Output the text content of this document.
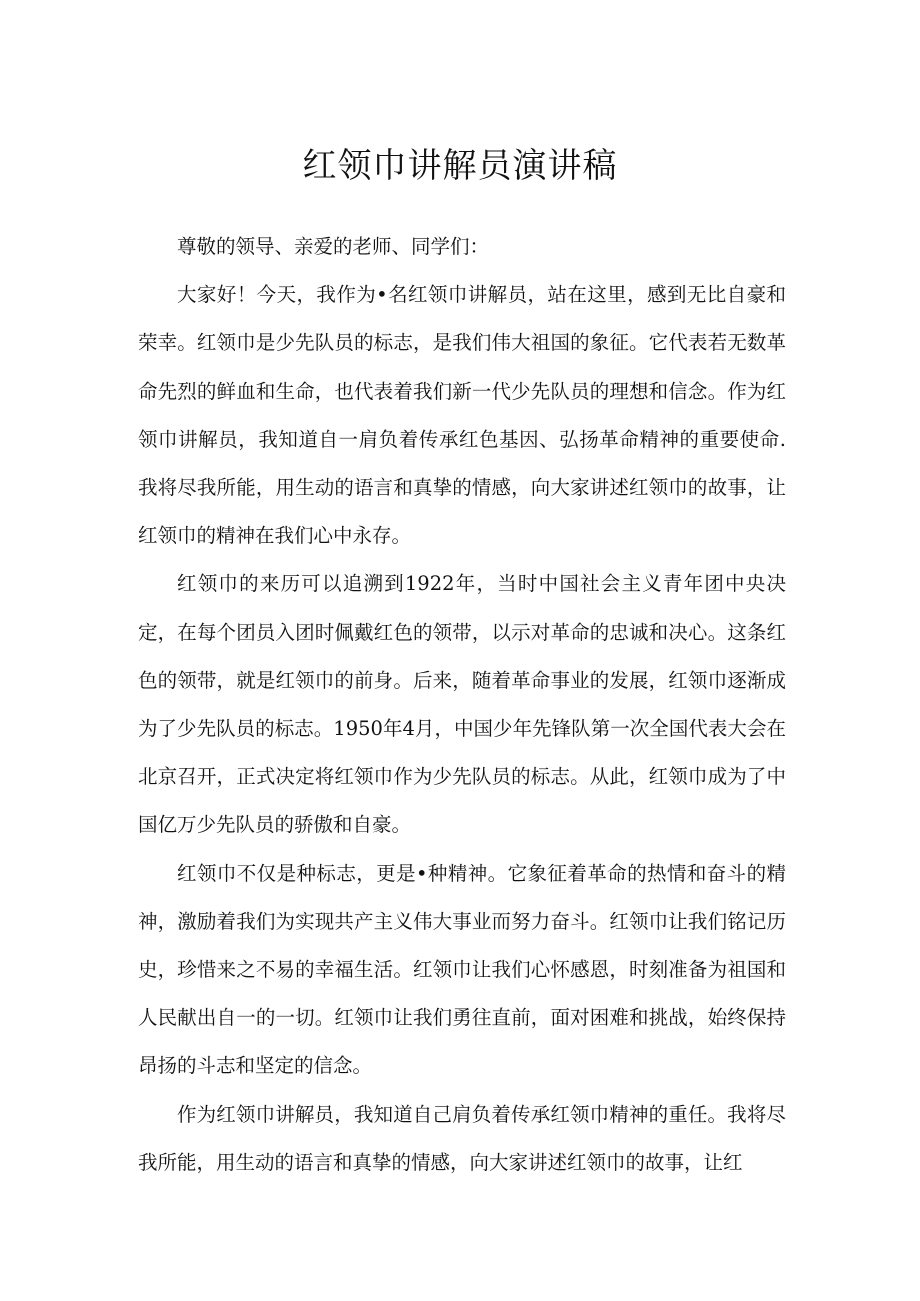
红领巾讲解员演讲稿

尊敬的领导、亲爱的老师、同学们：

大家好！今天，我作为•名红领巾讲解员，站在这里，感到无比自豪和荣幸。红领巾是少先队员的标志，是我们伟大祖国的象征。它代表若无数革命先烈的鲜血和生命，也代表着我们新一代少先队员的理想和信念。作为红领巾讲解员，我知道自一肩负着传承红色基因、弘扬革命精神的重要使命.我将尽我所能，用生动的语言和真挚的情感，向大家讲述红领巾的故事，让红领巾的精神在我们心中永存。

红领巾的来历可以追溯到1922年，当时中国社会主义青年团中央决定，在每个团员入团时佩戴红色的领带，以示对革命的忠诚和决心。这条红色的领带，就是红领巾的前身。后来，随着革命事业的发展，红领巾逐渐成为了少先队员的标志。1950年4月，中国少年先锋队第一次全国代表大会在北京召开，正式决定将红领巾作为少先队员的标志。从此，红领巾成为了中国亿万少先队员的骄傲和自豪。

红领巾不仅是种标志，更是•种精神。它象征着革命的热情和奋斗的精神，激励着我们为实现共产主义伟大事业而努力奋斗。红领巾让我们铭记历史，珍惜来之不易的幸福生活。红领巾让我们心怀感恩，时刻准备为祖国和人民献出自一的一切。红领巾让我们勇往直前，面对困难和挑战，始终保持昂扬的斗志和坚定的信念。

作为红领巾讲解员，我知道自己肩负着传承红领巾精神的重任。我将尽我所能，用生动的语言和真挚的情感，向大家讲述红领巾的故事，让红
